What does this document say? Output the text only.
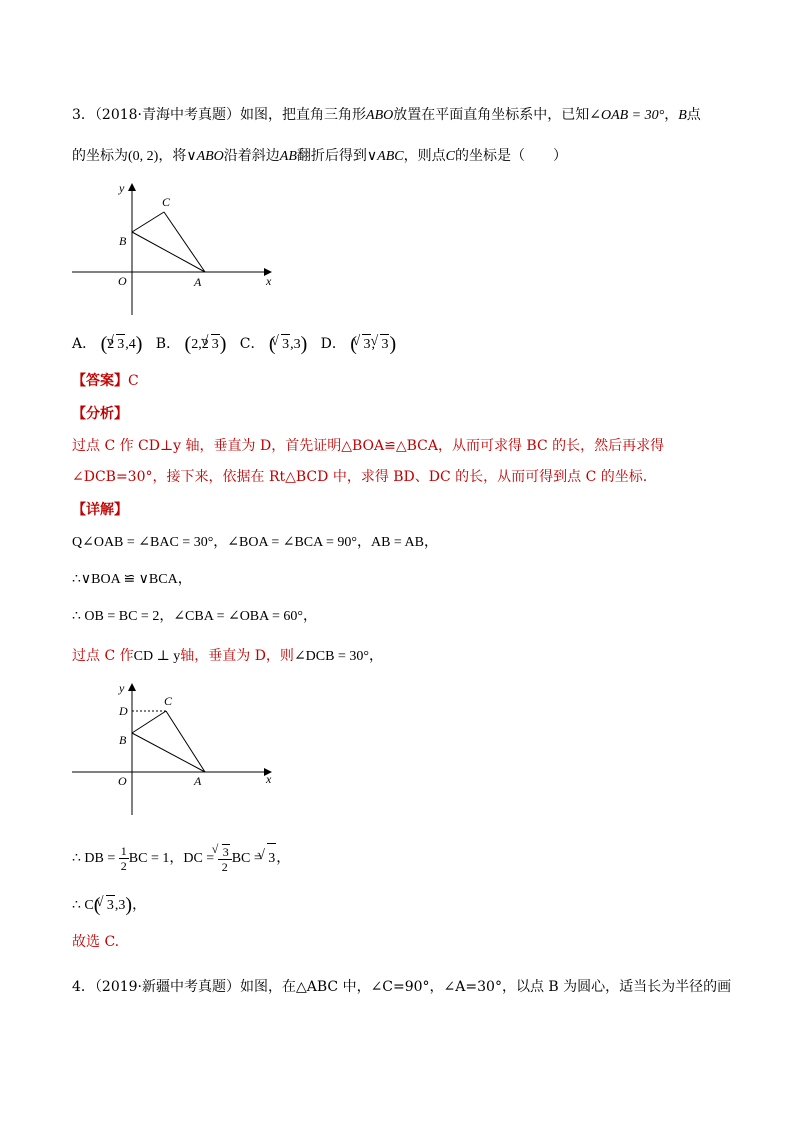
3．（2018·青海中考真题）如图，把直角三角形ABO放置在平面直角坐标系中，已知∠OAB = 30°，B点
的坐标为(0, 2)，将∨ABO沿着斜边AB翻折后得到∨ABC，则点C的坐标是（　　）
y
x
O	A
B
C
A． (2 √ 3,4) B． (2,2 √ 3) C． ( √ 3,3) D． ( √ 3, √ 3)
【答案】C
【分析】
过点 C 作 CD⊥y 轴，垂直为 D，首先证明△BOA≌△BCA，从而可求得 BC 的长，然后再求得
∠DCB=30°，接下来，依据在 Rt△BCD 中，求得 BD、DC 的长，从而可得到点 C 的坐标.
【详解】
Q∠OAB = ∠BAC = 30°，∠BOA = ∠BCA = 90°，AB = AB，
∴∨BOA ≌ ∨BCA，
∴ OB = BC = 2，∠CBA = ∠OBA = 60°，
过点 C 作CD ⊥ y轴，垂直为 D，则∠DCB = 30°，
y
x
O	A
B
D
C
∴ DB = $\frac{1}{2}$ BC = 1，DC = √ $\frac{3}{2}$ BC = √ 3，
∴ C( √ 3,3)，
故选 C.
4．（2019·新疆中考真题）如图，在△ABC 中，∠C=90°，∠A=30°，以点 B 为圆心，适当长为半径的画
